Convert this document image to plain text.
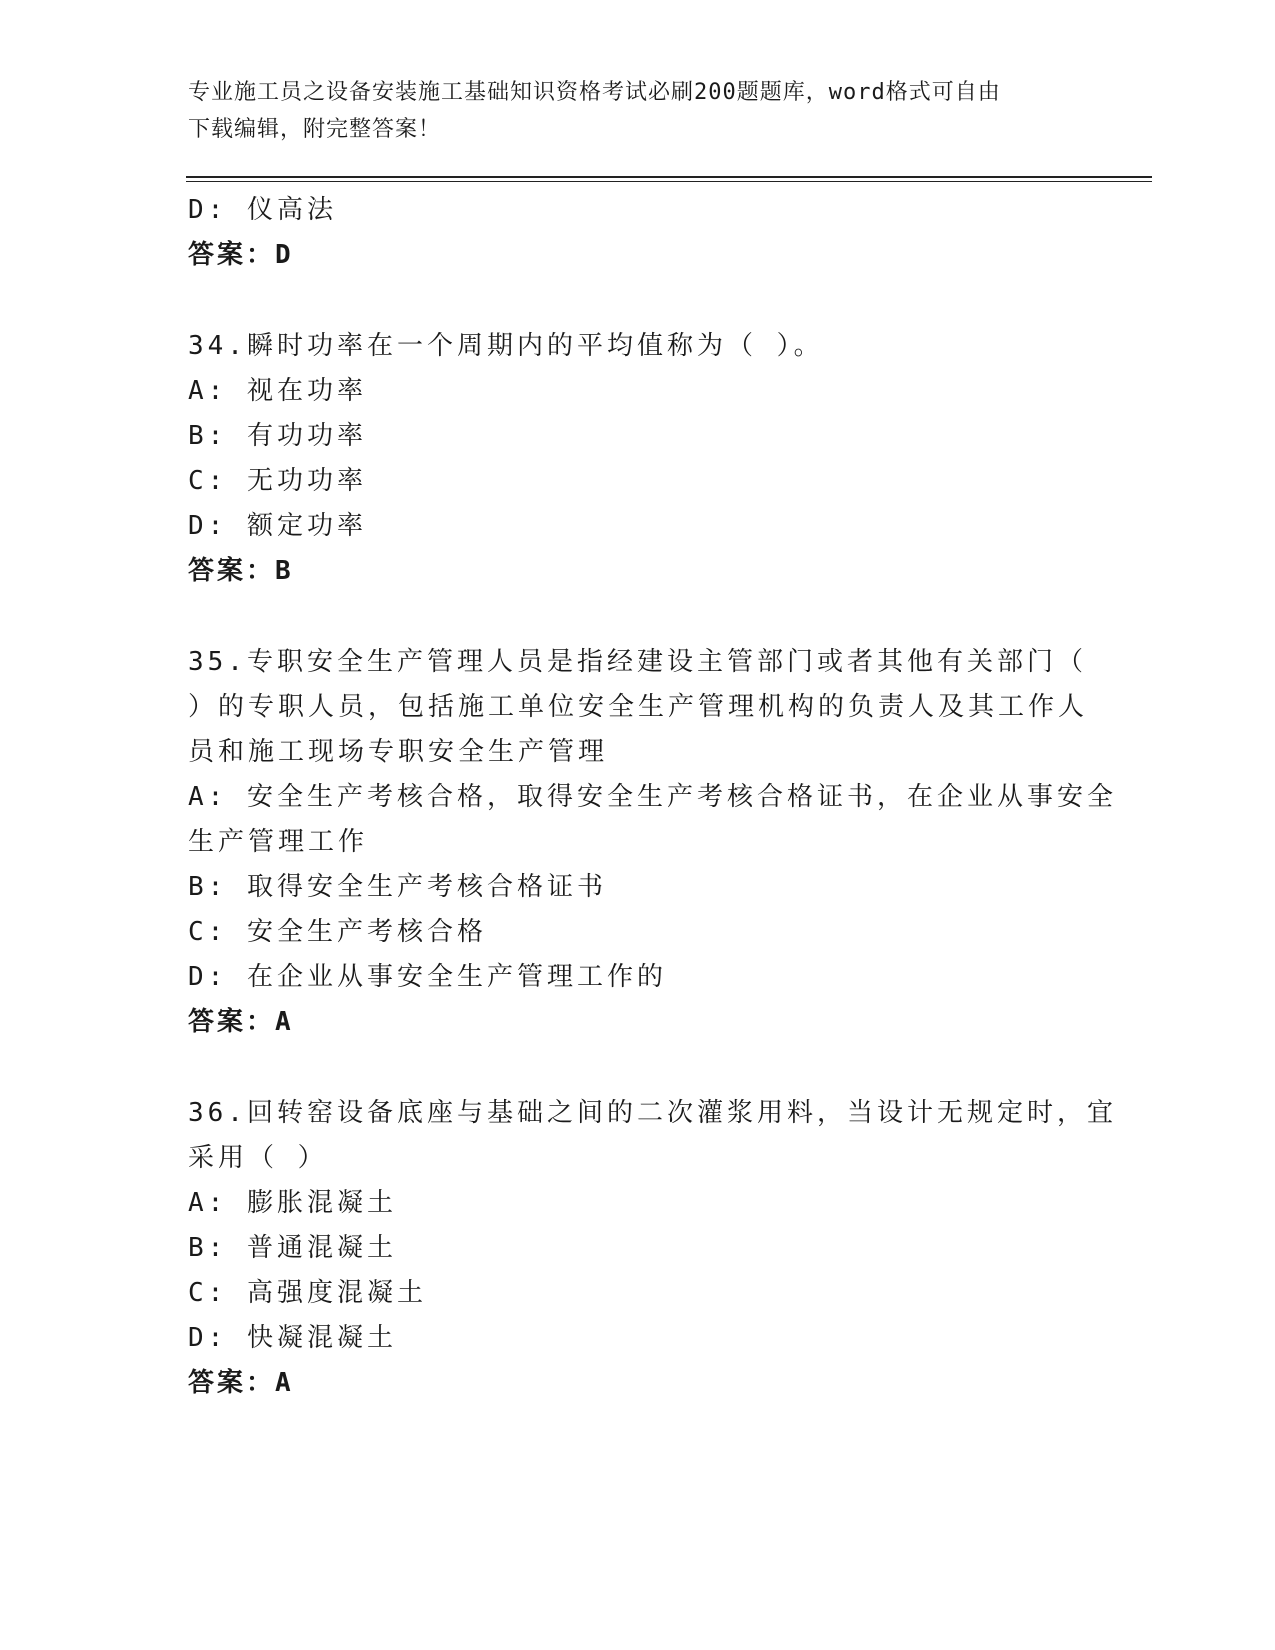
专业施工员之设备安装施工基础知识资格考试必刷200题题库，word格式可自由
下载编辑，附完整答案！
D: 仪高法
答案：D
34.瞬时功率在一个周期内的平均值称为（ ）。
A: 视在功率
B: 有功功率
C: 无功功率
D: 额定功率
答案：B
35.专职安全生产管理人员是指经建设主管部门或者其他有关部门（
）的专职人员，包括施工单位安全生产管理机构的负责人及其工作人
员和施工现场专职安全生产管理
A: 安全生产考核合格，取得安全生产考核合格证书，在企业从事安全
生产管理工作
B: 取得安全生产考核合格证书
C: 安全生产考核合格
D: 在企业从事安全生产管理工作的
答案：A
36.回转窑设备底座与基础之间的二次灌浆用料，当设计无规定时，宜
采用（ ）
A: 膨胀混凝土
B: 普通混凝土
C: 高强度混凝土
D: 快凝混凝土
答案：A
